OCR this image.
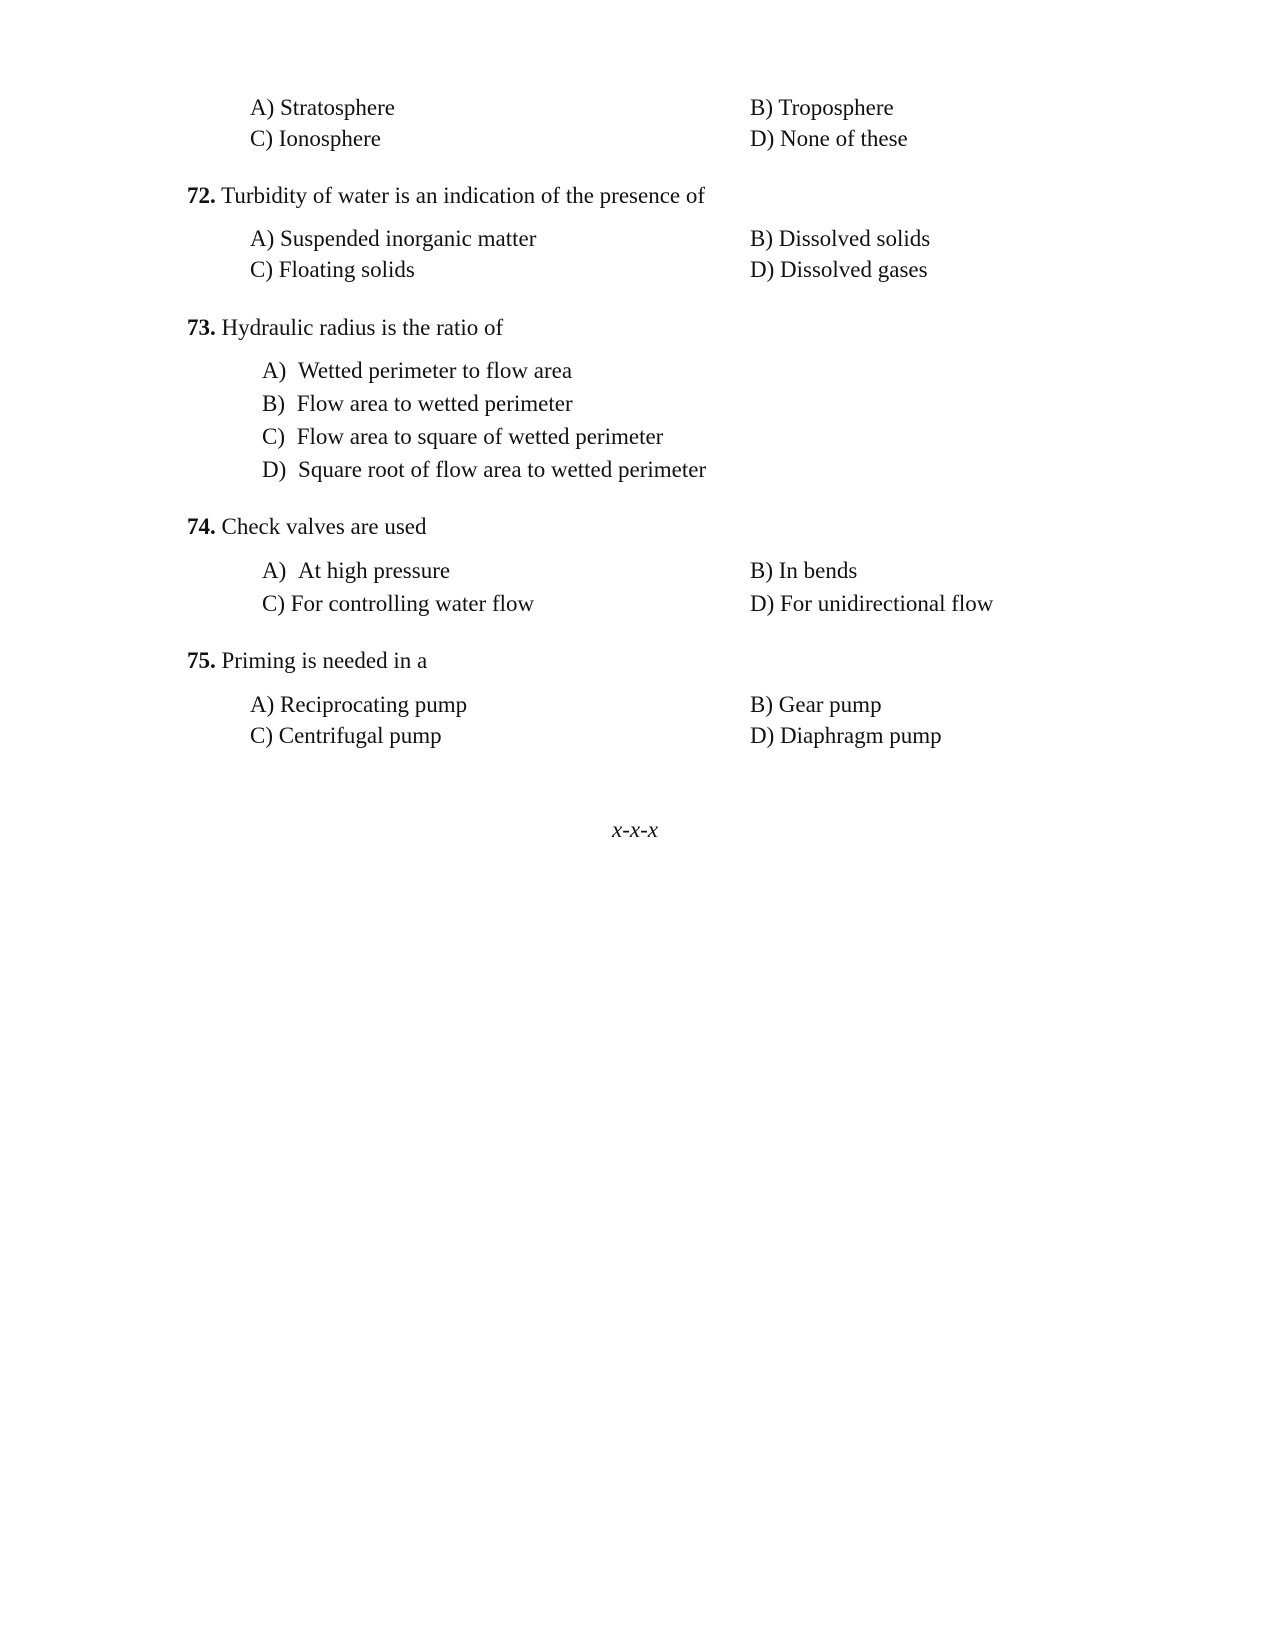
A) Stratosphere	B) Troposphere
C) Ionosphere	D) None of these
72. Turbidity of water is an indication of the presence of
A) Suspended inorganic matter	B) Dissolved solids
C) Floating solids	D) Dissolved gases
73. Hydraulic radius is the ratio of
A) Wetted perimeter to flow area
B) Flow area to wetted perimeter
C) Flow area to square of wetted perimeter
D) Square root of flow area to wetted perimeter
74. Check valves are used
A) At high pressure	B) In bends
C) For controlling water flow	D) For unidirectional flow
75. Priming is needed in a
A) Reciprocating pump	B) Gear pump
C) Centrifugal pump	D) Diaphragm pump
x-x-x
